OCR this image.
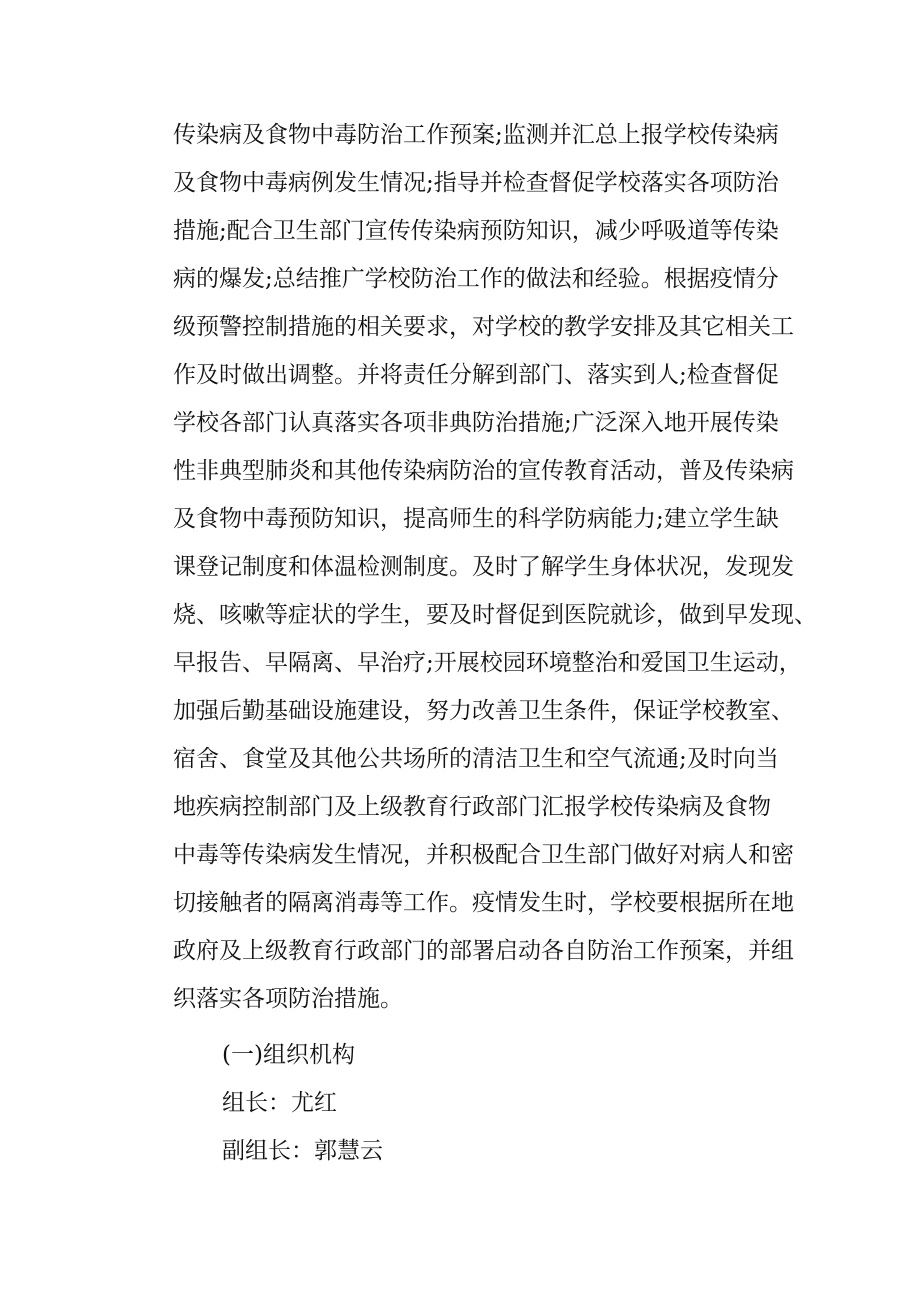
传染病及食物中毒防治工作预案;监测并汇总上报学校传染病
及食物中毒病例发生情况;指导并检查督促学校落实各项防治
措施;配合卫生部门宣传传染病预防知识，减少呼吸道等传染
病的爆发;总结推广学校防治工作的做法和经验。根据疫情分
级预警控制措施的相关要求，对学校的教学安排及其它相关工
作及时做出调整。并将责任分解到部门、落实到人;检查督促
学校各部门认真落实各项非典防治措施;广泛深入地开展传染
性非典型肺炎和其他传染病防治的宣传教育活动，普及传染病
及食物中毒预防知识，提高师生的科学防病能力;建立学生缺
课登记制度和体温检测制度。及时了解学生身体状况，发现发
烧、咳嗽等症状的学生，要及时督促到医院就诊，做到早发现、
早报告、早隔离、早治疗;开展校园环境整治和爱国卫生运动，
加强后勤基础设施建设，努力改善卫生条件，保证学校教室、
宿舍、食堂及其他公共场所的清洁卫生和空气流通;及时向当
地疾病控制部门及上级教育行政部门汇报学校传染病及食物
中毒等传染病发生情况，并积极配合卫生部门做好对病人和密
切接触者的隔离消毒等工作。疫情发生时，学校要根据所在地
政府及上级教育行政部门的部署启动各自防治工作预案，并组
织落实各项防治措施。
(一)组织机构
组长：尤红
副组长：郭慧云
